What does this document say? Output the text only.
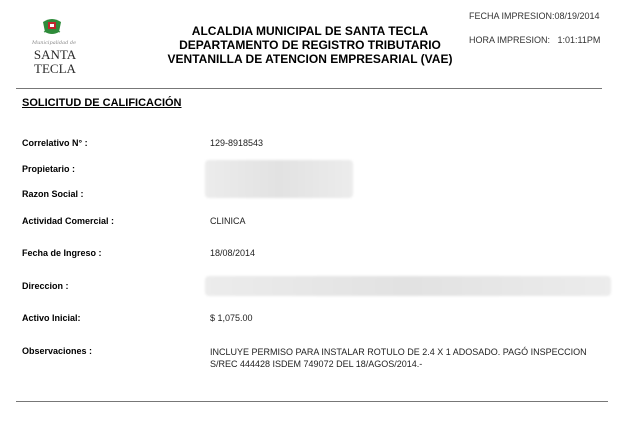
Municipalidad de
SANTA
TECLA
ALCALDIA MUNICIPAL DE SANTA TECLA
DEPARTAMENTO DE REGISTRO TRIBUTARIO
VENTANILLA DE ATENCION EMPRESARIAL (VAE)
FECHA IMPRESION:08/19/2014
HORA IMPRESION: 1:01:11PM
SOLICITUD DE CALIFICACIÓN
Correlativo N° :	129-8918543
Propietario :
Razon Social :
Actividad Comercial :	CLINICA
Fecha de Ingreso :	18/08/2014
Direccion :
Activo Inicial:	$ 1,075.00
Observaciones :	INCLUYE PERMISO PARA INSTALAR ROTULO DE 2.4 X 1 ADOSADO. PAGÓ INSPECCION
S/REC 444428 ISDEM 749072 DEL 18/AGOS/2014.-
